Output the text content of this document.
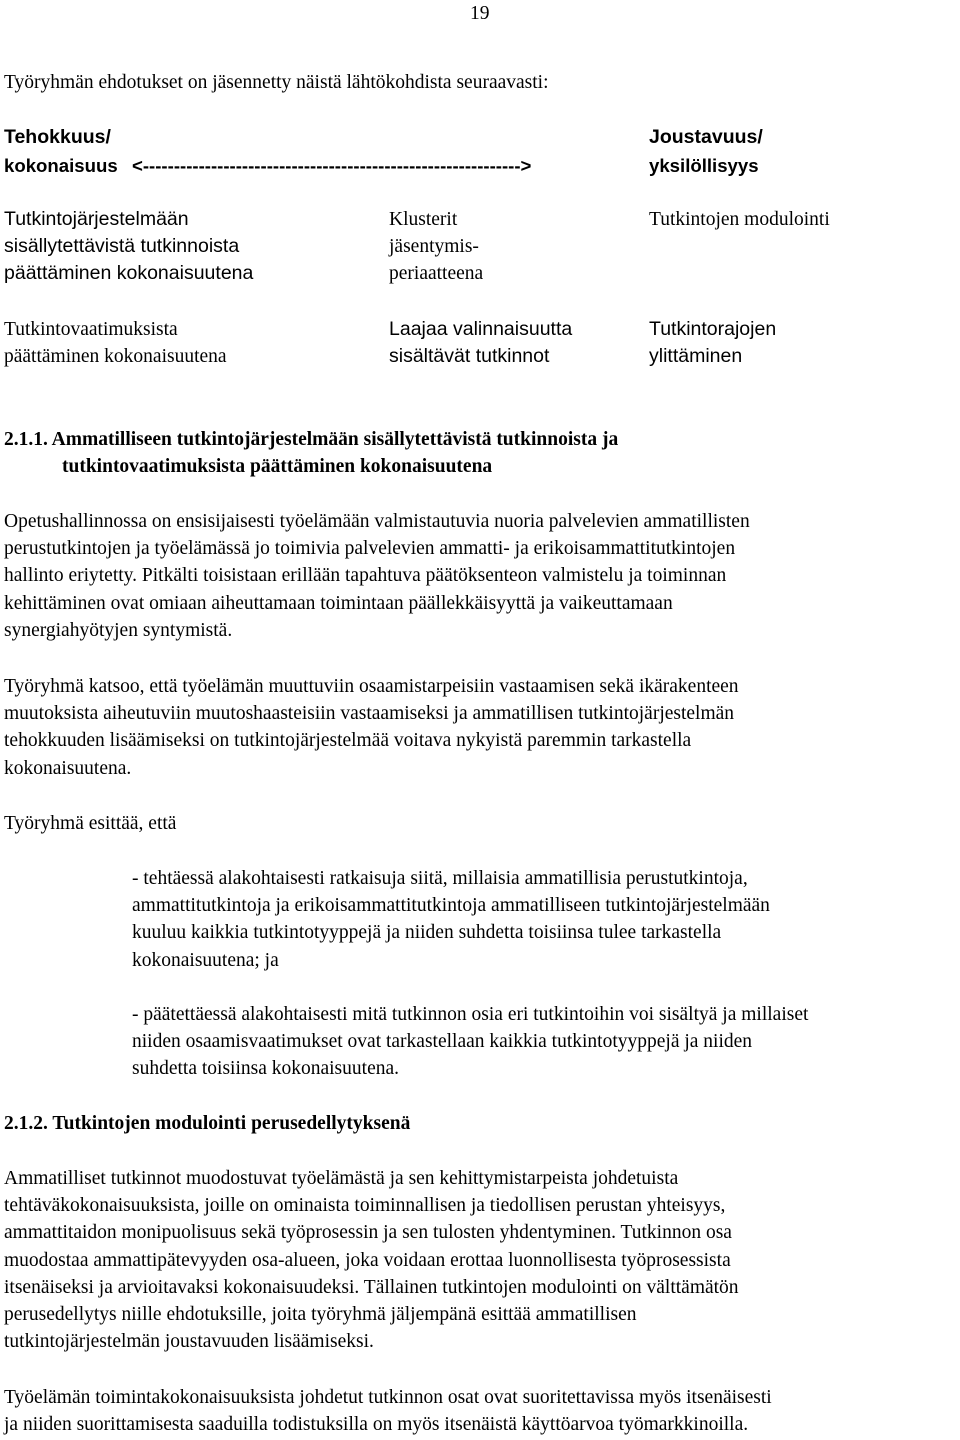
19
Työryhmän ehdotukset on jäsennetty näistä lähtökohdista seuraavasti:
Tehokkuus/	Joustavuus/
kokonaisuus <------------------------------------------------------------->	yksilöllisyys
Tutkintojärjestelmään
sisällytettävistä tutkinnoista
päättäminen kokonaisuutena
Klusterit
jäsentymis-
periaatteena
Tutkintojen modulointi
Tutkintovaatimuksista
päättäminen kokonaisuutena
Laajaa valinnaisuutta
sisältävät tutkinnot
Tutkintorajojen
ylittäminen
2.1.1. Ammatilliseen tutkintojärjestelmään sisällytettävistä tutkinnoista ja
tutkintovaatimuksista päättäminen kokonaisuutena
Opetushallinnossa on ensisijaisesti työelämään valmistautuvia nuoria palvelevien ammatillisten
perustutkintojen ja työelämässä jo toimivia palvelevien ammatti- ja erikoisammattitutkintojen
hallinto eriytetty. Pitkälti toisistaan erillään tapahtuva päätöksenteon valmistelu ja toiminnan
kehittäminen ovat omiaan aiheuttamaan toimintaan päällekkäisyyttä ja vaikeuttamaan
synergiahyötyjen syntymistä.
Työryhmä katsoo, että työelämän muuttuviin osaamistarpeisiin vastaamisen sekä ikärakenteen
muutoksista aiheutuviin muutoshaasteisiin vastaamiseksi ja ammatillisen tutkintojärjestelmän
tehokkuuden lisäämiseksi on tutkintojärjestelmää voitava nykyistä paremmin tarkastella
kokonaisuutena.
Työryhmä esittää, että
- tehtäessä alakohtaisesti ratkaisuja siitä, millaisia ammatillisia perustutkintoja,
ammattitutkintoja ja erikoisammattitutkintoja ammatilliseen tutkintojärjestelmään
kuuluu kaikkia tutkintotyyppejä ja niiden suhdetta toisiinsa tulee tarkastella
kokonaisuutena; ja
- päätettäessä alakohtaisesti mitä tutkinnon osia eri tutkintoihin voi sisältyä ja millaiset
niiden osaamisvaatimukset ovat tarkastellaan kaikkia tutkintotyyppejä ja niiden
suhdetta toisiinsa kokonaisuutena.
2.1.2. Tutkintojen modulointi perusedellytyksenä
Ammatilliset tutkinnot muodostuvat työelämästä ja sen kehittymistarpeista johdetuista
tehtäväkokonaisuuksista, joille on ominaista toiminnallisen ja tiedollisen perustan yhteisyys,
ammattitaidon monipuolisuus sekä työprosessin ja sen tulosten yhdentyminen. Tutkinnon osa
muodostaa ammattipätevyyden osa-alueen, joka voidaan erottaa luonnollisesta työprosessista
itsenäiseksi ja arvioitavaksi kokonaisuudeksi. Tällainen tutkintojen modulointi on välttämätön
perusedellytys niille ehdotuksille, joita työryhmä jäljempänä esittää ammatillisen
tutkintojärjestelmän joustavuuden lisäämiseksi.
Työelämän toimintakokonaisuuksista johdetut tutkinnon osat ovat suoritettavissa myös itsenäisesti
ja niiden suorittamisesta saaduilla todistuksilla on myös itsenäistä käyttöarvoa työmarkkinoilla.
